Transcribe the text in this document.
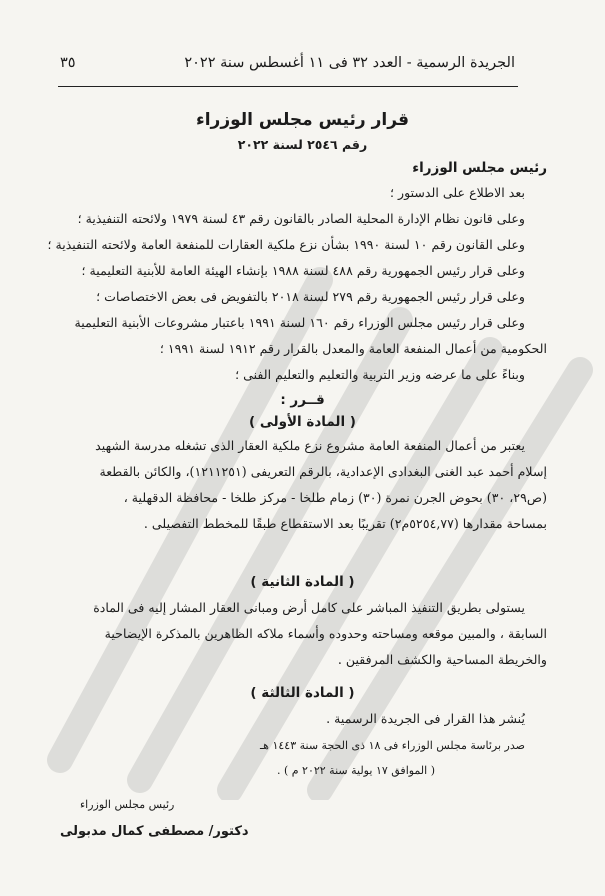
٣٥	الجريدة الرسمية - العدد ٣٢ فى ١١ أغسطس سنة ٢٠٢٢
قرار رئيس مجلس الوزراء
رقم ٢٥٤٦ لسنة ٢٠٢٢
رئيس مجلس الوزراء
بعد الاطلاع على الدستور ؛
وعلى قانون نظام الإدارة المحلية الصادر بالقانون رقم ٤٣ لسنة ١٩٧٩ ولائحته التنفيذية ؛
وعلى القانون رقم ١٠ لسنة ١٩٩٠ بشأن نزع ملكية العقارات للمنفعة العامة ولائحته التنفيذية ؛
وعلى قرار رئيس الجمهورية رقم ٤٨٨ لسنة ١٩٨٨ بإنشاء الهيئة العامة للأبنية التعليمية ؛
وعلى قرار رئيس الجمهورية رقم ٢٧٩ لسنة ٢٠١٨ بالتفويض فى بعض الاختصاصات ؛
وعلى قرار رئيس مجلس الوزراء رقم ١٦٠ لسنة ١٩٩١ باعتبار مشروعات الأبنية التعليمية
الحكومية من أعمال المنفعة العامة والمعدل بالقرار رقم ١٩١٢ لسنة ١٩٩١ ؛
وبناءً على ما عرضه وزير التربية والتعليم والتعليم الفنى ؛
قــرر :
( المادة الأولى )
يعتبر من أعمال المنفعة العامة مشروع نزع ملكية العقار الذى تشغله مدرسة الشهيد
إسلام أحمد عبد الغنى البغدادى الإعدادية، بالرقم التعريفى (١٢١١٢٥١)، والكائن بالقطعة
(ص٢٩، ٣٠) بحوض الجرن نمرة (٣٠) زمام طلخا - مركز طلخا - محافظة الدقهلية ،
بمساحة مقدارها (٥٢٥٤,٧٧م٢) تقريبًا بعد الاستقطاع طبقًا للمخطط التفصيلى .
( المادة الثانية )
يستولى بطريق التنفيذ المباشر على كامل أرض ومبانى العقار المشار إليه فى المادة
السابقة ، والمبين موقعه ومساحته وحدوده وأسماء ملاكه الظاهرين بالمذكرة الإيضاحية
والخريطة المساحية والكشف المرفقين .
( المادة الثالثة )
يُنشر هذا القرار فى الجريدة الرسمية .
صدر برئاسة مجلس الوزراء فى ١٨ ذى الحجة سنة ١٤٤٣ هـ
( الموافق ١٧ يولية سنة ٢٠٢٢ م ) .
رئيس مجلس الوزراء
دكتور/ مصطفى كمال مدبولى
